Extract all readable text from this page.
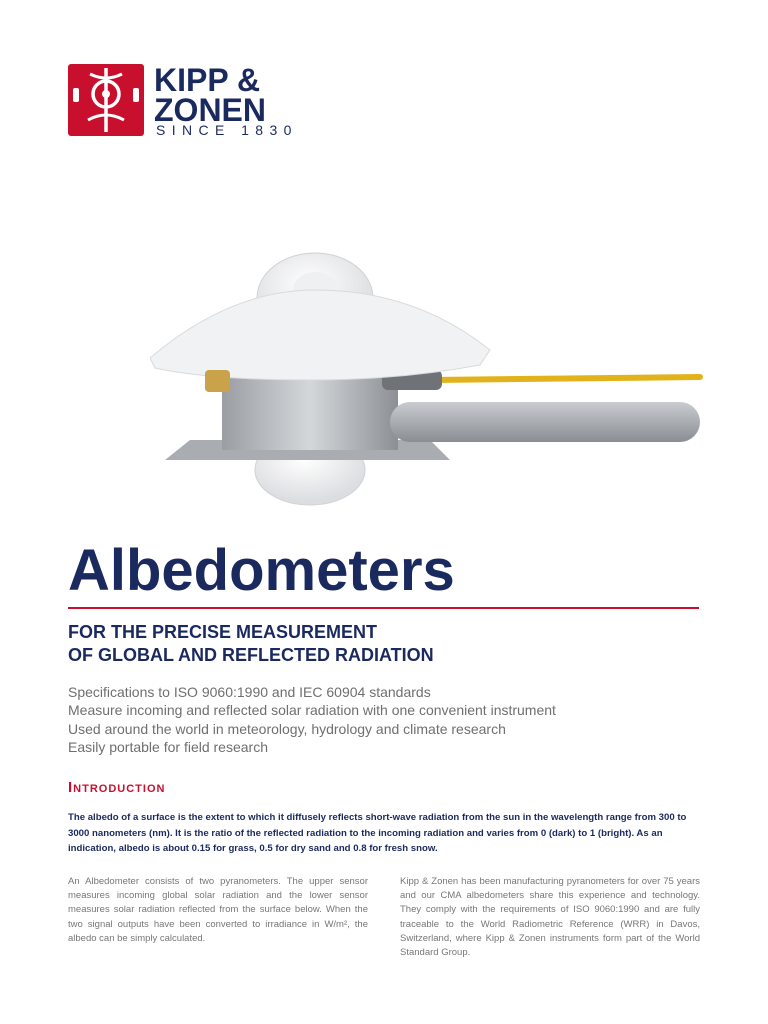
KIPP &
ZONEN
SINCE 1830
Albedometers
FOR THE PRECISE MEASUREMENT
OF GLOBAL AND REFLECTED RADIATION
Specifications to ISO 9060:1990 and IEC 60904 standards
Measure incoming and reflected solar radiation with one convenient instrument
Used around the world in meteorology, hydrology and climate research
Easily portable for field research
Introduction

The albedo of a surface is the extent to which it diffusely reflects short-wave radiation from the sun in the wavelength range from 300 to 3000 nanometers (nm). It is the ratio of the reflected radiation to the incoming radiation and varies from 0 (dark) to 1 (bright). As an indication, albedo is about 0.15 for grass, 0.5 for dry sand and 0.8 for fresh snow.

An Albedometer consists of two pyranometers. The upper sensor measures incoming global solar radiation and the lower sensor measures solar radiation reflected from the surface below. When the two signal outputs have been converted to irradiance in W/m², the albedo can be simply calculated.

Kipp & Zonen has been manufacturing pyranometers for over 75 years and our CMA albedometers share this experience and technology. They comply with the requirements of ISO 9060:1990 and are fully traceable to the World Radiometric Reference (WRR) in Davos, Switzerland, where Kipp & Zonen instruments form part of the World Standard Group.
